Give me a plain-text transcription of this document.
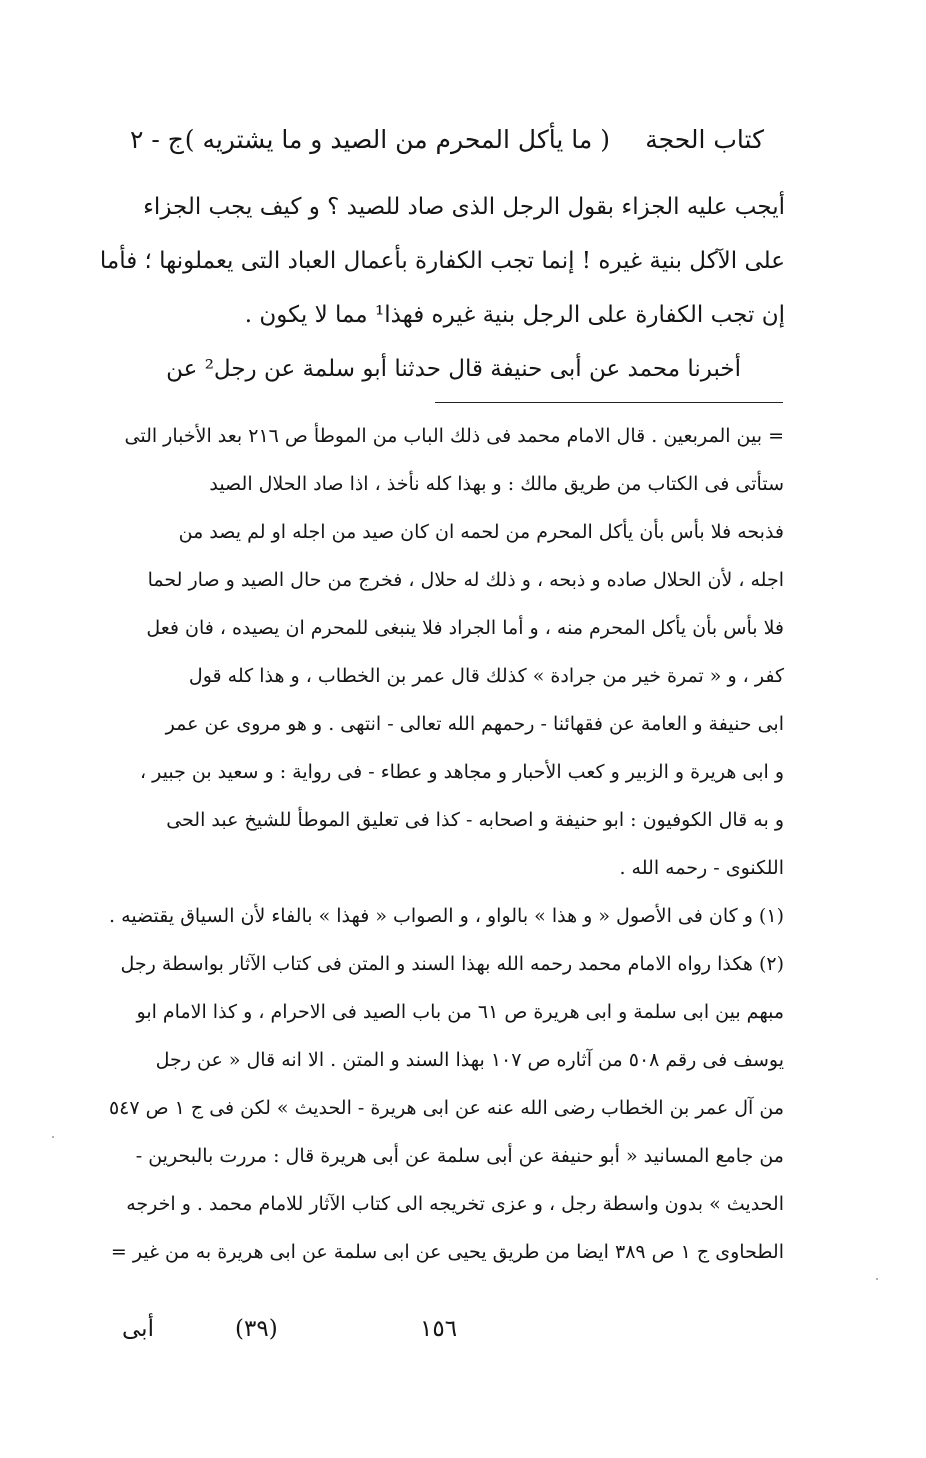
كتاب الحجة
( ما يأكل المحرم من الصيد و ما يشتريه )
ج - ٢

أيجب عليه الجزاء بقول الرجل الذى صاد للصيد ؟ و كيف يجب الجزاء

على الآكل بنية غيره ! إنما تجب الكفارة بأعمال العباد التى يعملونها ؛ فأما

إن تجب الكفارة على الرجل بنية غيره فهذا¹ مما لا يكون .

أخبرنا محمد عن أبى حنيفة قال حدثنا أبو سلمة عن رجل² عن

= بين المربعين . قال الامام محمد فى ذلك الباب من الموطأ ص ٢١٦ بعد الأخبار التى

ستأتى فى الكتاب من طريق مالك : و بهذا كله نأخذ ، اذا صاد الحلال الصيد

فذبحه فلا بأس بأن يأكل المحرم من لحمه ان كان صيد من اجله او لم يصد من

اجله ، لأن الحلال صاده و ذبحه ، و ذلك له حلال ، فخرج من حال الصيد و صار لحما

فلا بأس بأن يأكل المحرم منه ، و أما الجراد فلا ينبغى للمحرم ان يصيده ، فان فعل

كفر ، و « تمرة خير من جرادة » كذلك قال عمر بن الخطاب ، و هذا كله قول

ابى حنيفة و العامة عن فقهائنا - رحمهم الله تعالى - انتهى . و هو مروى عن عمر

و ابى هريرة و الزبير و كعب الأحبار و مجاهد و عطاء - فى رواية : و سعيد بن جبير ،

و به قال الكوفيون : ابو حنيفة و اصحابه - كذا فى تعليق الموطأ للشيخ عبد الحى

اللكنوى - رحمه الله .

(١) و كان فى الأصول « و هذا » بالواو ، و الصواب « فهذا » بالفاء لأن السياق يقتضيه .

(٢) هكذا رواه الامام محمد رحمه الله بهذا السند و المتن فى كتاب الآثار بواسطة رجل

مبهم بين ابى سلمة و ابى هريرة ص ٦١ من باب الصيد فى الاحرام ، و كذا الامام ابو

يوسف فى رقم ٥٠٨ من آثاره ص ١٠٧ بهذا السند و المتن . الا انه قال « عن رجل

من آل عمر بن الخطاب رضى الله عنه عن ابى هريرة - الحديث » لكن فى ج ١ ص ٥٤٧

من جامع المسانيد « أبو حنيفة عن أبى سلمة عن أبى هريرة قال : مررت بالبحرين -

الحديث » بدون واسطة رجل ، و عزى تخريجه الى كتاب الآثار للامام محمد . و اخرجه

الطحاوى ج ١ ص ٣٨٩ ايضا من طريق يحيى عن ابى سلمة عن ابى هريرة به من غير =

أبى	(٣٩)	١٥٦
